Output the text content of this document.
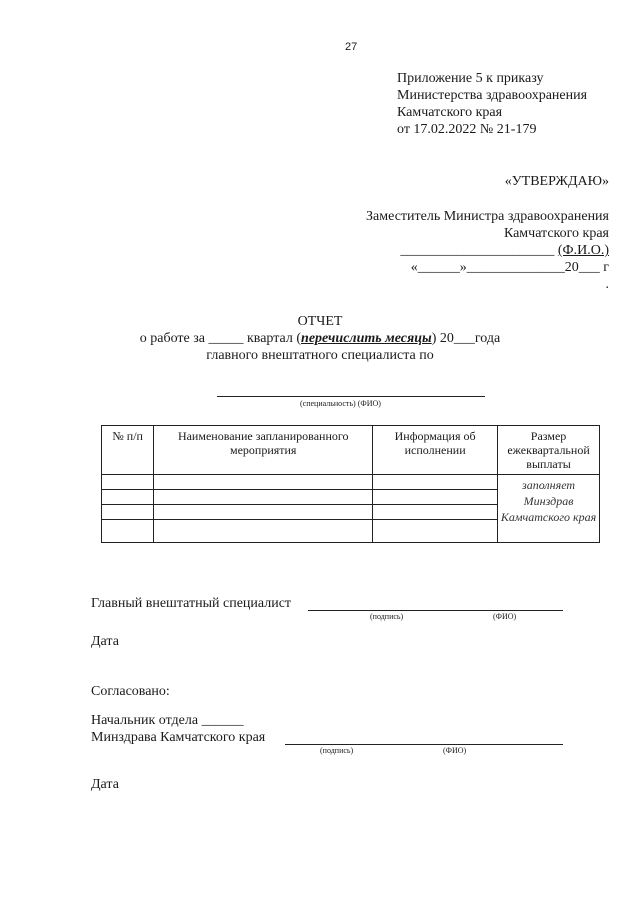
27
Приложение 5 к приказу
Министерства здравоохранения
Камчатского края
от 17.02.2022 № 21-179
«УТВЕРЖДАЮ»
Заместитель Министра здравоохранения
Камчатского края
______________________ (Ф.И.О.)
«______»______________20___ г
.
ОТЧЕТ
о работе за _____ квартал (перечислить месяцы) 20___года
главного внештатного специалиста по
(специальность) (ФИО)
№ п/п	Наименование запланированного мероприятия	Информация об исполнении	Размер ежеквартальной выплаты
			заполняет Минздрав Камчатского края

Главный внештатный специалист
(подпись)	(ФИО)
Дата
Согласовано:
Начальник отдела ______
Минздрава Камчатского края
(подпись)	(ФИО)
Дата
